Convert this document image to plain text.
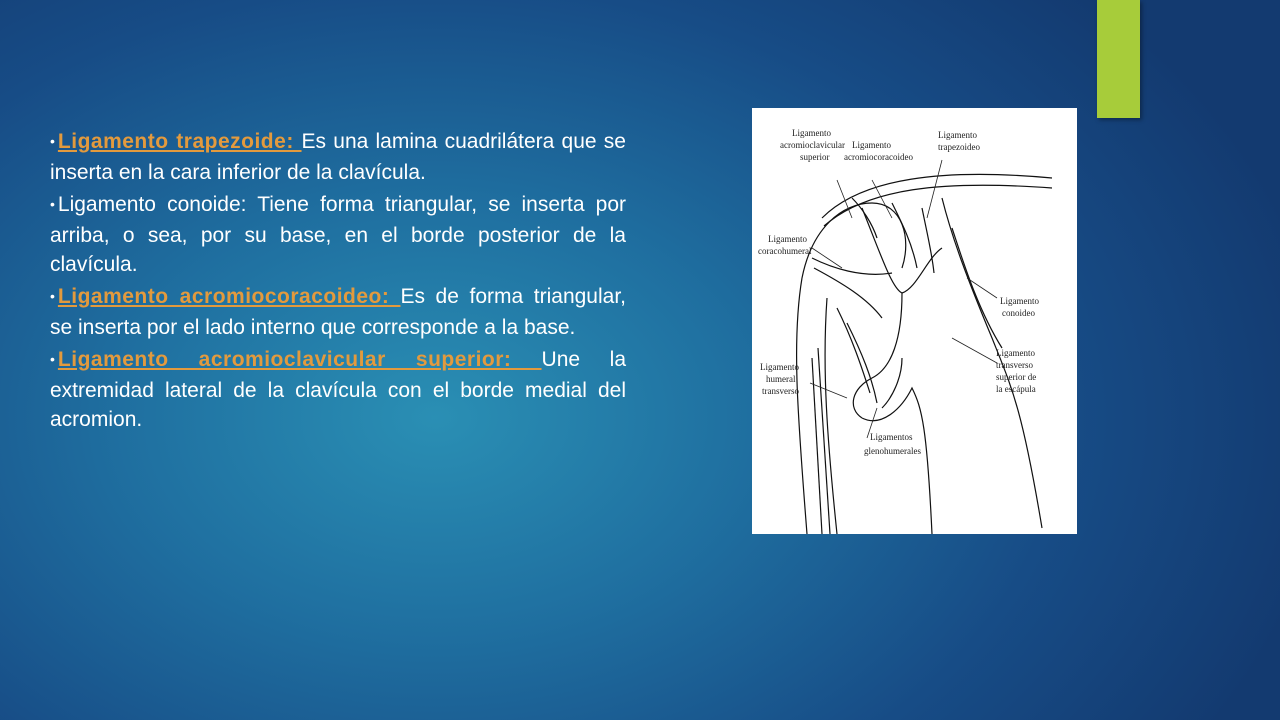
• Ligamento trapezoide: Es una lamina cuadrilátera que se inserta en la cara inferior de la clavícula.

• Ligamento conoide: Tiene forma triangular, se inserta por arriba, o sea, por su base, en el borde posterior de la clavícula.

• Ligamento acromiocoracoideo: Es de forma triangular, se inserta por el lado interno que corresponde a la base.

• Ligamento acromioclavicular superior: Une la extremidad lateral de la clavícula con el borde medial del acromion.

Ligamento
acromioclavicular
superior
Ligamento
acromiocoracoideo
Ligamento
trapezoideo
Ligamento
coracohumeral
Ligamento
conoideo
Ligamento
humeral
transverso
Ligamento
transverso
superior de
la escápula
Ligamentos
glenohumerales
